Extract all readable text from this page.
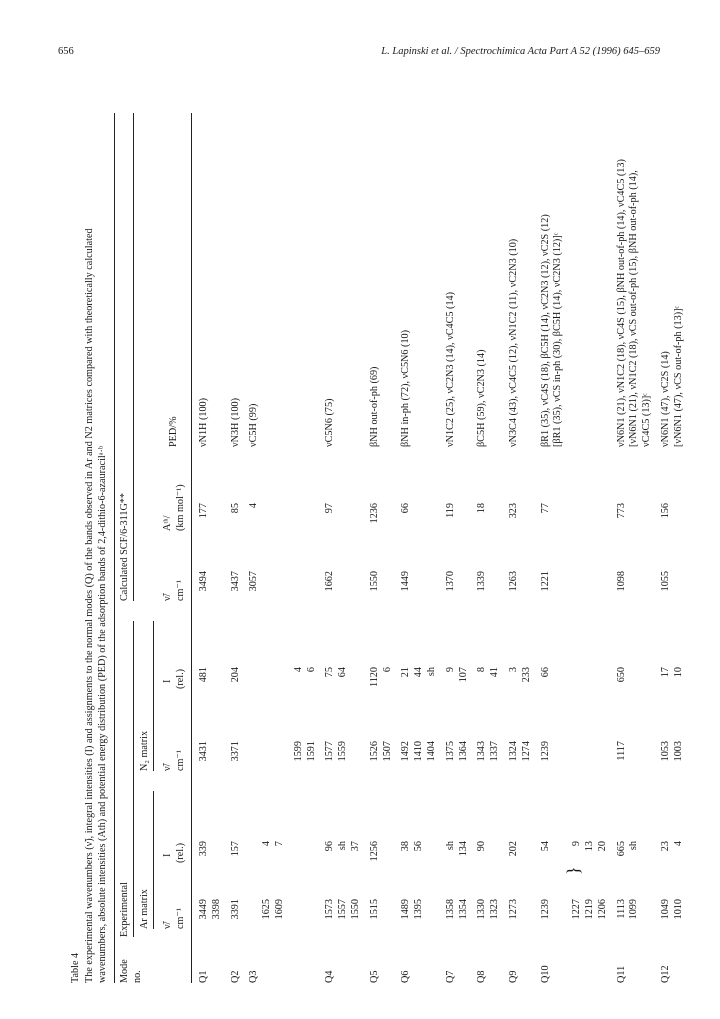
656	L. Lapinski et al. / Spectrochimica Acta Part A 52 (1996) 645–659
Table 4 The experimental wavenumbers (ν̃), integral intensities (I) and assignments to the normal modes (Q) of the bands observed in Ar and N2 matrices compared with theoretically calculated wavenumbers, absolute intensities (Ath) and potential energy distribution (PED) of the adsorption bands of 2,4-dithio-6-azauracilᵃ·ᵇ Mode no.
Experimental
Calculated SCF/6-311G**
Ar matrix
N₂ matrix
ν̃/ cm⁻¹
I (rel.)
ν̃/ cm⁻¹
I (rel.)
ν̃/ cm⁻¹
Aᵗʰ/ (km mol⁻¹)
PED/%
Q1
3449 3398
339
3431
481
3494
177
νN1H (100)
Q2
3391
157
3371
204
3437
85
νN3H (100)
Q3
1625 1609
4 7
3057
4
νC5H (99)
1599 1591
4 6
Q4
1573 1557 1550
96 sh 37
1577 1559
75 64
1662
97
νC5N6 (75)
Q5
1515
1256
1526 1507
1120 6
1550
1236
βNH out-of-ph (69)
Q6
1489 1395
38 56
1492 1410 1404
21 44 sh
1449
66
βNH in-ph (72), νC5N6 (10)
Q7
1358 1354
sh 134
1375 1364
9 107
1370
119
νN1C2 (25), νC2N3 (14), νC4C5 (14)
Q8
1330 1323
90
1343 1337
8 41
1339
18
βC5H (59), νC2N3 (14)
Q9
1273
202
1324 1274
3 233
1263
323
νN3C4 (43), νC4C5 (12), νN1C2 (11), νC2N3 (10)
Q10
1239
54
1239
66
1221
77
βR1 (35), νC4S (18), βC5H (14), νC2N3 (12), νC2S (12) [βR1 (35), νCS in-ph (30), βC5H (14), νC2N3 (12)]ᶜ
1227 1219 1206
9 13 20
Q11
1113 1099
665 sh
1117
650
1098
773
νN6N1 (21), νN1C2 (18), νC4S (15), βNH out-of-ph (14), νC4C5 (13) [νN6N1 (21), νN1C2 (18), νCS out-of-ph (15), βNH out-of-ph (14), νC4C5 (13)]ᶜ
Q12
1049 1010
23 4
1053 1003
17 10
1055
156
νN6N1 (47), νC2S (14) [νN6N1 (47), νCS out-of-ph (13)]ᶜ
}
